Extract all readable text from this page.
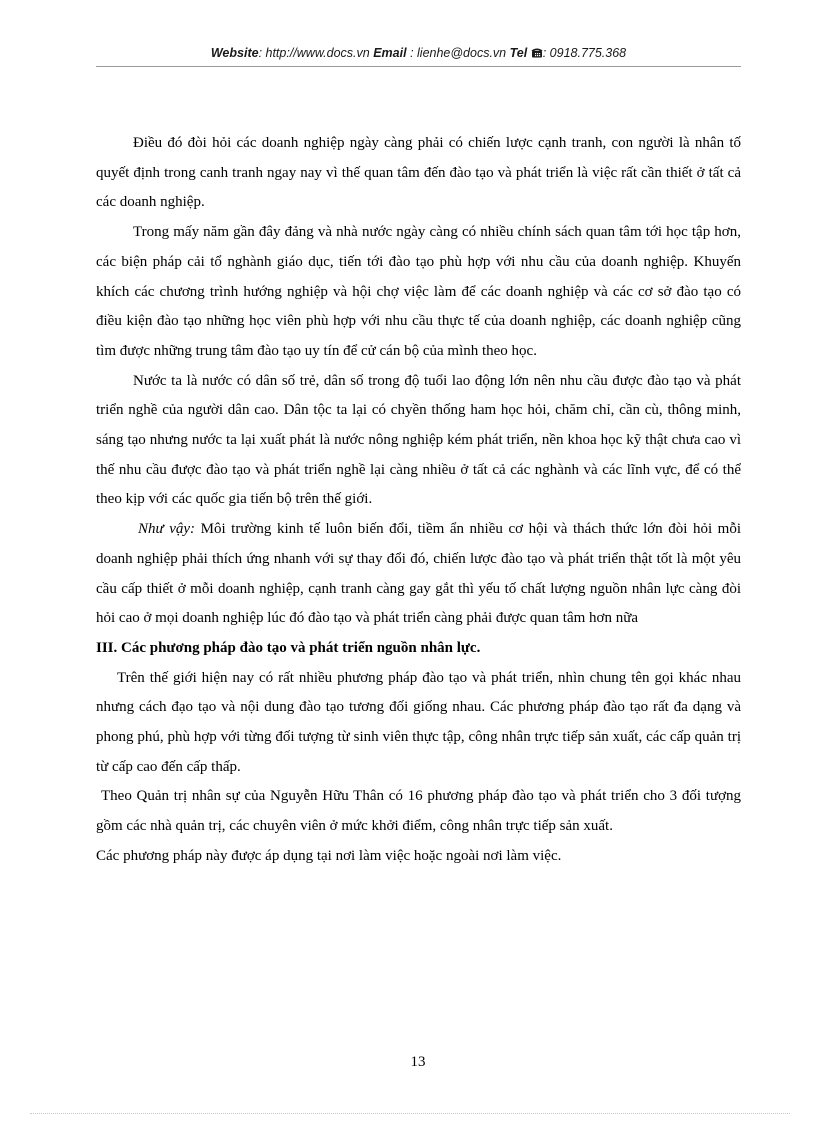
Website: http://www.docs.vn Email : lienhe@docs.vn Tel : 0918.775.368

Điều đó đòi hỏi các doanh nghiệp ngày càng phải có chiến lược cạnh tranh, con người là nhân tố quyết định trong canh tranh ngay nay vì thế quan tâm đến đào tạo và phát triển là việc rất cần thiết ở tất cả các doanh nghiệp.

Trong mấy năm gần đây đảng và nhà nước ngày càng có nhiều chính sách quan tâm tới học tập hơn, các biện pháp cải tổ nghành giáo dục, tiến tới đào tạo phù hợp với nhu cầu của doanh nghiệp. Khuyến khích các chương trình hướng nghiệp và hội chợ việc làm để các doanh nghiệp và các cơ sở đào tạo có điều kiện đào tạo những học viên phù hợp với nhu cầu thực tế của doanh nghiệp, các doanh nghiệp cũng tìm được những trung tâm đào tạo uy tín để cử cán bộ của mình theo học.

Nước ta là nước có dân số trẻ, dân số trong độ tuổi lao động lớn nên nhu cầu được đào tạo và phát triển nghề của người dân cao. Dân tộc ta lại có chyền thống ham học hỏi, chăm chỉ, cần cù, thông minh, sáng tạo nhưng nước ta lại xuất phát là nước nông nghiệp kém phát triển, nền khoa học kỹ thật chưa cao vì thế nhu cầu được đào tạo và phát triển nghề lại càng nhiều ở tất cả các nghành và các lĩnh vực, để có thể theo kịp với các quốc gia tiến bộ trên thế giới.

Như vậy: Môi trường kinh tế luôn biến đổi, tiềm ẩn nhiều cơ hội và thách thức lớn đòi hỏi mỗi doanh nghiệp phải thích ứng nhanh với sự thay đổi đó, chiến lược đào tạo và phát triển thật tốt là một yêu cầu cấp thiết ở mỗi doanh nghiệp, cạnh tranh càng gay gắt thì yếu tố chất lượng nguồn nhân lực càng đòi hỏi cao ở mọi doanh nghiệp lúc đó đào tạo và phát triển càng phải được quan tâm hơn nữa

III. Các phương pháp đào tạo và phát triển nguồn nhân lực.

Trên thế giới hiện nay có rất nhiều phương pháp đào tạo và phát triển, nhìn chung tên gọi khác nhau nhưng cách đạo tạo và nội dung đào tạo tương đối giống nhau. Các phương pháp đào tạo rất đa dạng và phong phú, phù hợp với từng đối tượng từ sinh viên thực tập, công nhân trực tiếp sản xuất, các cấp quản trị từ cấp cao đến cấp thấp.

Theo Quản trị nhân sự của Nguyễn Hữu Thân có 16 phương pháp đào tạo và phát triển cho 3 đối tượng gồm các nhà quản trị, các chuyên viên ở mức khởi điểm, công nhân trực tiếp sản xuất.

Các phương pháp này được áp dụng tại nơi làm việc hoặc ngoài nơi làm việc.

13
